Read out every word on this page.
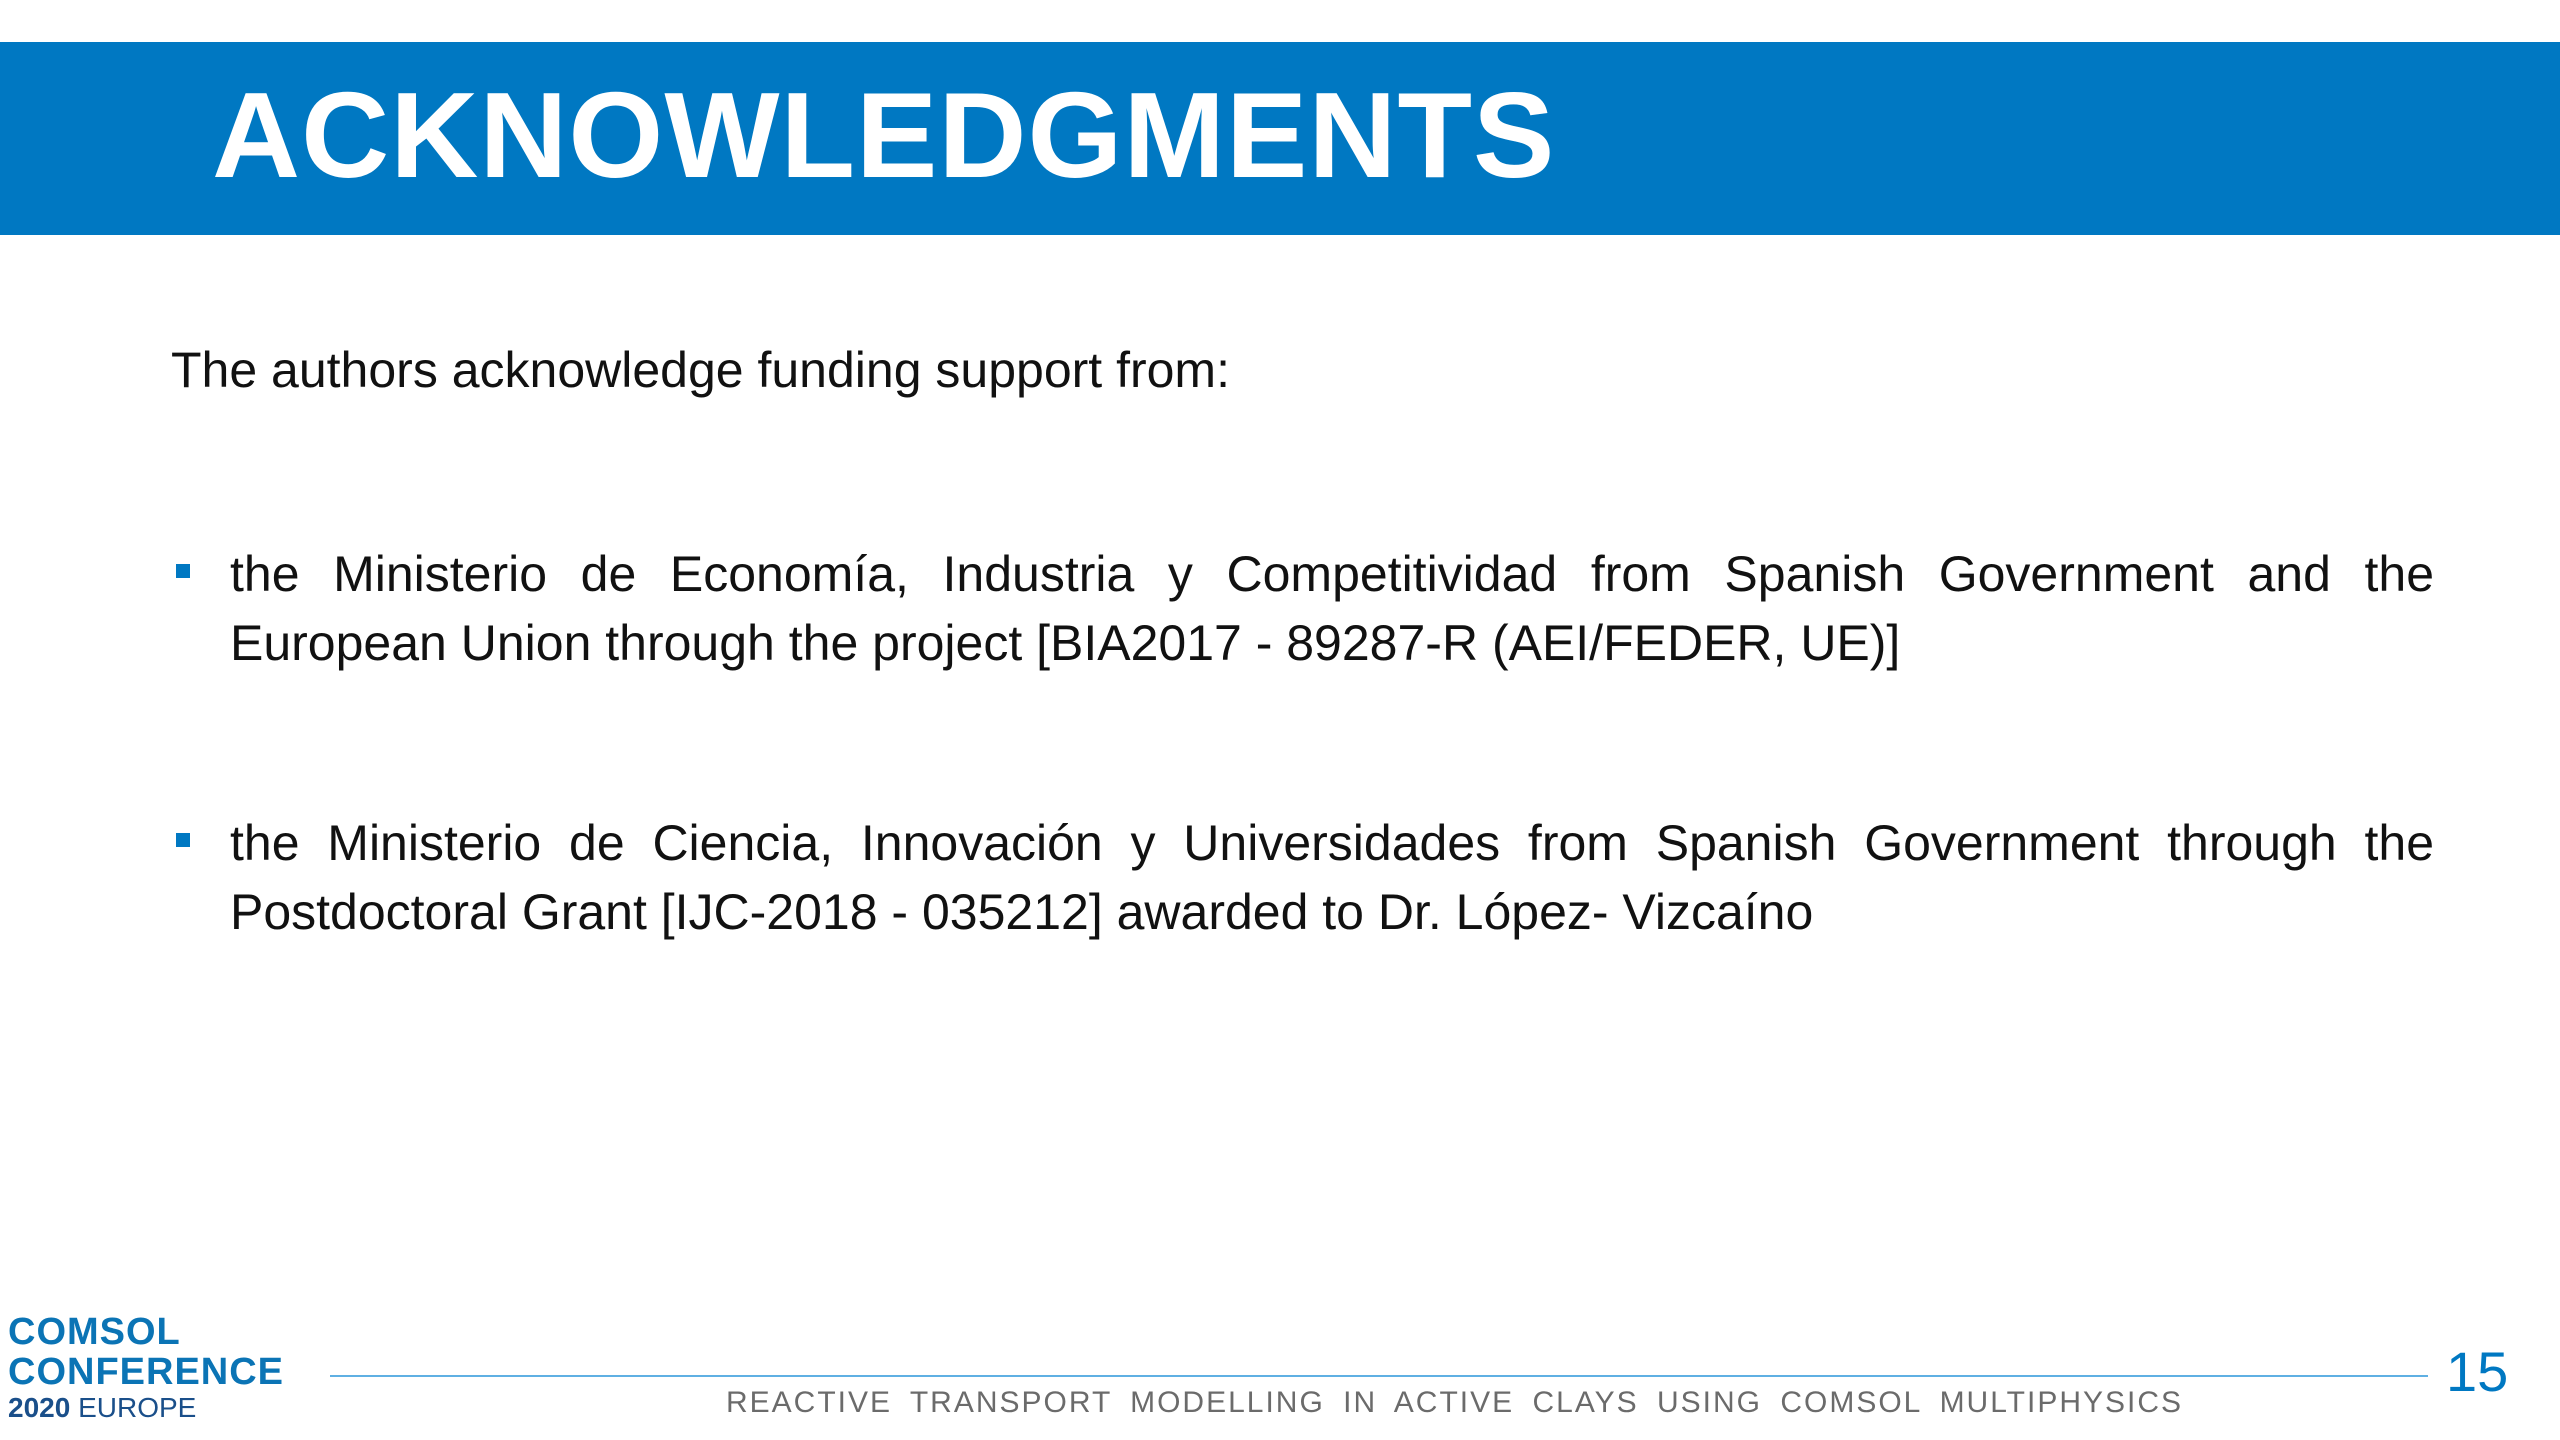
ACKNOWLEDGMENTS
The authors acknowledge funding support from:
the Ministerio de Economía, Industria y Competitividad from Spanish Government and the European Union through the project [BIA2017 - 89287-R (AEI/FEDER, UE)]
the Ministerio de Ciencia, Innovación y Universidades from Spanish Government through the Postdoctoral Grant [IJC-2018 - 035212] awarded to Dr. López- Vizcaíno
COMSOL
CONFERENCE
2020 EUROPE	REACTIVE TRANSPORT MODELLING IN ACTIVE CLAYS USING COMSOL MULTIPHYSICS	15
